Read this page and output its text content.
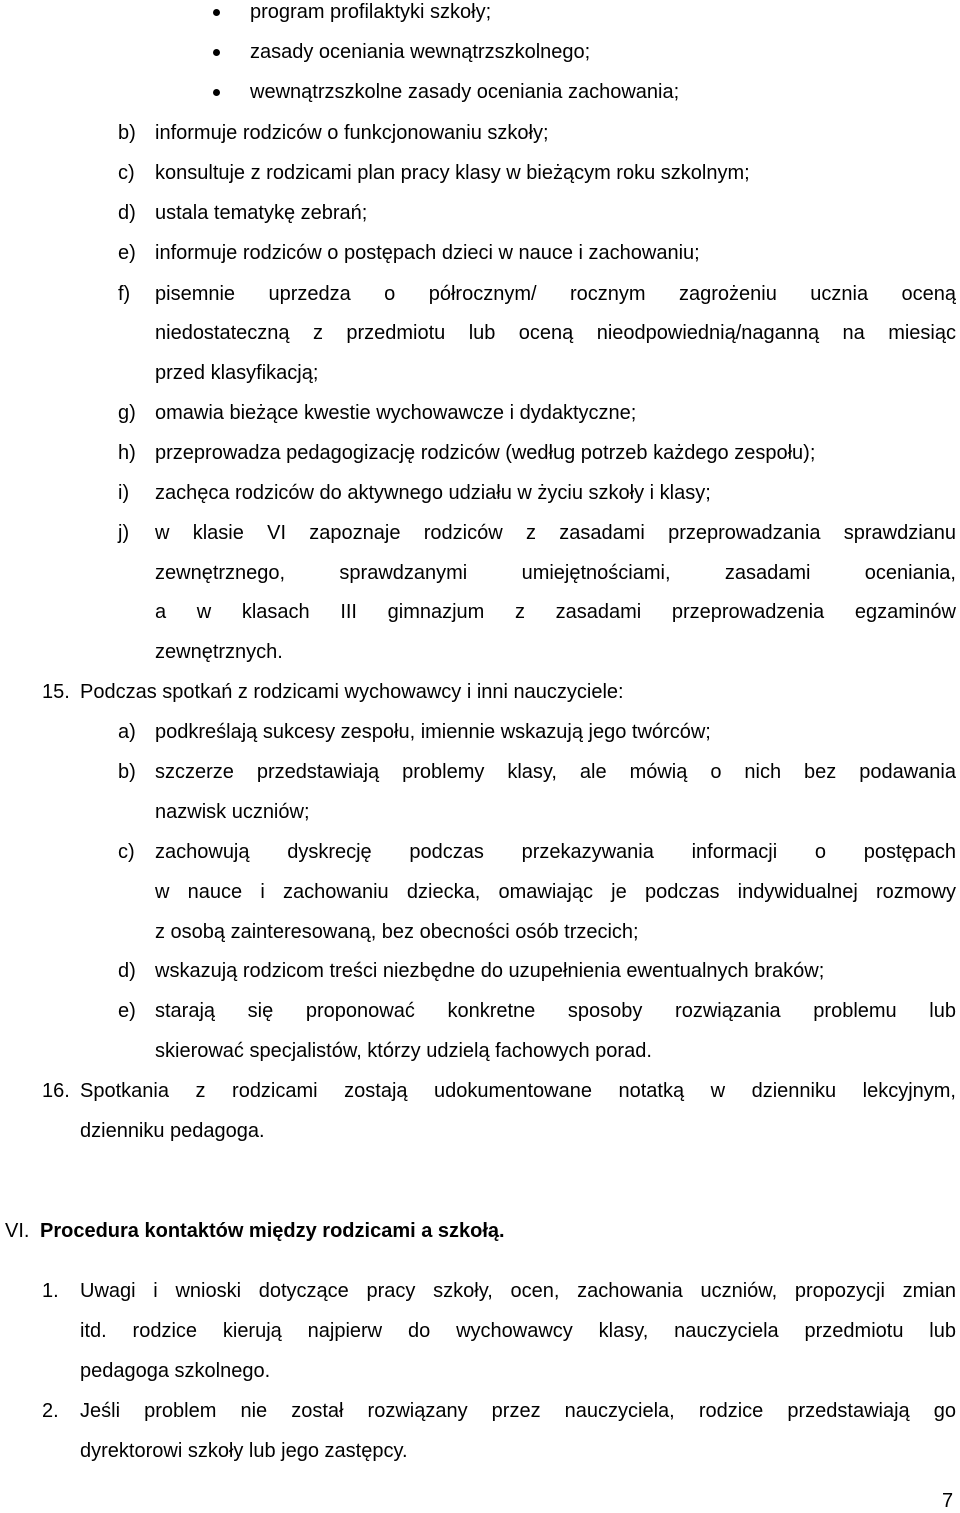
program profilaktyki szkoły;
zasady oceniania wewnątrzszkolnego;
wewnątrzszkolne zasady oceniania zachowania;
b) informuje rodziców o funkcjonowaniu szkoły;
c) konsultuje z rodzicami plan pracy klasy w bieżącym roku szkolnym;
d) ustala tematykę zebrań;
e) informuje rodziców o postępach dzieci w nauce i zachowaniu;
f) pisemnie uprzedza o półrocznym/ rocznym zagrożeniu ucznia oceną
niedostateczną z przedmiotu lub oceną nieodpowiednią/naganną na miesiąc
przed klasyfikacją;
g) omawia bieżące kwestie wychowawcze i dydaktyczne;
h) przeprowadza pedagogizację rodziców (według potrzeb każdego zespołu);
i) zachęca rodziców do aktywnego udziału w życiu szkoły i klasy;
j) w klasie VI zapoznaje rodziców z zasadami przeprowadzania sprawdzianu
zewnętrznego, sprawdzanymi umiejętnościami, zasadami oceniania,
a w klasach III gimnazjum z zasadami przeprowadzenia egzaminów
zewnętrznych.
15. Podczas spotkań z rodzicami wychowawcy i inni nauczyciele:
a) podkreślają sukcesy zespołu, imiennie wskazują jego twórców;
b) szczerze przedstawiają problemy klasy, ale mówią o nich bez podawania
nazwisk uczniów;
c) zachowują dyskrecję podczas przekazywania informacji o postępach
w nauce i zachowaniu dziecka, omawiając je podczas indywidualnej rozmowy
z osobą zainteresowaną, bez obecności osób trzecich;
d) wskazują rodzicom treści niezbędne do uzupełnienia ewentualnych braków;
e) starają się proponować konkretne sposoby rozwiązania problemu lub
skierować specjalistów, którzy udzielą fachowych porad.
16. Spotkania z rodzicami zostają udokumentowane notatką w dzienniku lekcyjnym,
dzienniku pedagoga.
VI. Procedura kontaktów między rodzicami a szkołą.
1. Uwagi i wnioski dotyczące pracy szkoły, ocen, zachowania uczniów, propozycji zmian
itd. rodzice kierują najpierw do wychowawcy klasy, nauczyciela przedmiotu lub
pedagoga szkolnego.
2. Jeśli problem nie został rozwiązany przez nauczyciela, rodzice przedstawiają go
dyrektorowi szkoły lub jego zastępcy.
7
